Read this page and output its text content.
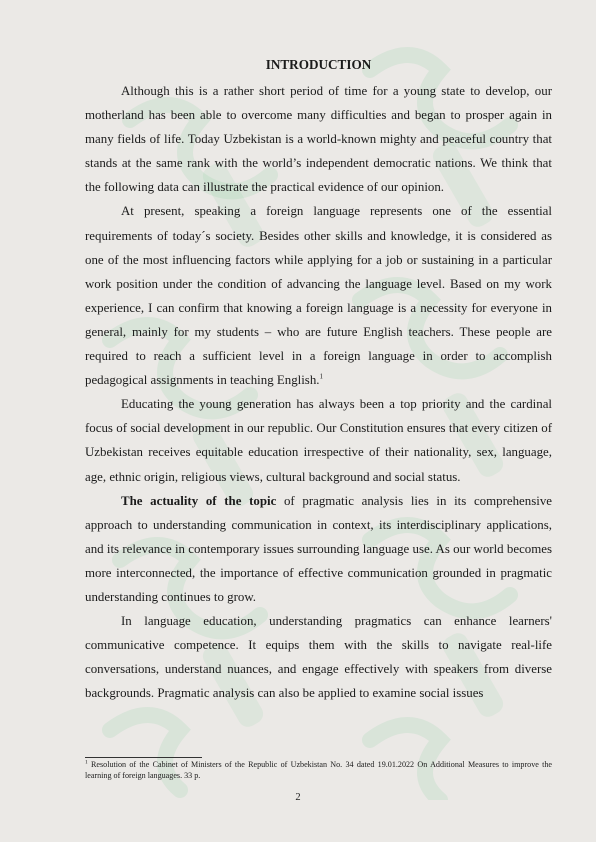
INTRODUCTION

Although this is a rather short period of time for a young state to develop, our motherland has been able to overcome many difficulties and began to prosper again in many fields of life. Today Uzbekistan is a world-known mighty and peaceful country that stands at the same rank with the world’s independent democratic nations. We think that the following data can illustrate the practical evidence of our opinion.

At present, speaking a foreign language represents one of the essential requirements of today´s society. Besides other skills and knowledge, it is considered as one of the most influencing factors while applying for a job or sustaining in a particular work position under the condition of advancing the language level. Based on my work experience, I can confirm that knowing a foreign language is a necessity for everyone in general, mainly for my students – who are future English teachers. These people are required to reach a sufficient level in a foreign language in order to accomplish pedagogical assignments in teaching English.$^1$

Educating the young generation has always been a top priority and the cardinal focus of social development in our republic. Our Constitution ensures that every citizen of Uzbekistan receives equitable education irrespective of their nationality, sex, language, age, ethnic origin, religious views, cultural background and social status.

The actuality of the topic of pragmatic analysis lies in its comprehensive approach to understanding communication in context, its interdisciplinary applications, and its relevance in contemporary issues surrounding language use. As our world becomes more interconnected, the importance of effective communication grounded in pragmatic understanding continues to grow.

In language education, understanding pragmatics can enhance learners' communicative competence. It equips them with the skills to navigate real-life conversations, understand nuances, and engage effectively with speakers from diverse backgrounds. Pragmatic analysis can also be applied to examine social issues

$^1$ Resolution of the Cabinet of Ministers of the Republic of Uzbekistan No. 34 dated 19.01.2022 On Additional Measures to improve the learning of foreign languages. 33 p.
2
